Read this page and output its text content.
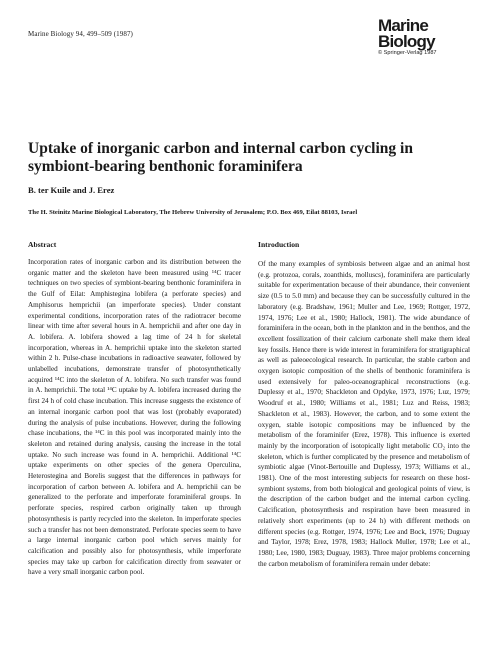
Marine Biology 94, 499–509 (1987)	Marine
Biology
© Springer-Verlag 1987
Uptake of inorganic carbon and internal carbon cycling in symbiont-bearing benthonic foraminifera
B. ter Kuile and J. Erez
The H. Steinitz Marine Biological Laboratory, The Hebrew University of Jerusalem; P.O. Box 469, Eilat 88103, Israel
Abstract
Incorporation rates of inorganic carbon and its distribution between the organic matter and the skeleton have been measured using ¹⁴C tracer techniques on two species of symbiont-bearing benthonic foraminifera in the Gulf of Eilat: Amphistegina lobifera (a perforate species) and Amphisorus hemprichii (an imperforate species). Under constant experimental conditions, incorporation rates of the radiotracer become linear with time after several hours in A. hemprichii and after one day in A. lobifera. A. lobifera showed a lag time of 24 h for skeletal incorporation, whereas in A. hemprichii uptake into the skeleton started within 2 h. Pulse-chase incubations in radioactive seawater, followed by unlabelled incubations, demonstrate transfer of photosynthetically acquired ¹⁴C into the skeleton of A. lobifera. No such transfer was found in A. hemprichii. The total ¹⁴C uptake by A. lobifera increased during the first 24 h of cold chase incubation. This increase suggests the existence of an internal inorganic carbon pool that was lost (probably evaporated) during the analysis of pulse incubations. However, during the following chase incubations, the ¹⁴C in this pool was incorporated mainly into the skeleton and retained during analysis, causing the increase in the total uptake. No such increase was found in A. hemprichii. Additional ¹⁴C uptake experiments on other species of the genera Operculina, Heterostegina and Borelis suggest that the differences in pathways for incorporation of carbon between A. lobifera and A. hemprichii can be generalized to the perforate and imperforate foraminiferal groups. In perforate species, respired carbon originally taken up through photosynthesis is partly recycled into the skeleton. In imperforate species such a transfer has not been demonstrated. Perforate species seem to have a large internal inorganic carbon pool which serves mainly for calcification and possibly also for photosynthesis, while imperforate species may take up carbon for calcification directly from seawater or have a very small inorganic carbon pool.
Introduction
Of the many examples of symbiosis between algae and an animal host (e.g. protozoa, corals, zoanthids, molluscs), foraminifera are particularly suitable for experimentation because of their abundance, their convenient size (0.5 to 5.0 mm) and because they can be successfully cultured in the laboratory (e.g. Bradshaw, 1961; Muller and Lee, 1969; Rottger, 1972, 1974, 1976; Lee et al., 1980; Hallock, 1981). The wide abundance of foraminifera in the ocean, both in the plankton and in the benthos, and the excellent fossilization of their calcium carbonate shell make them ideal key fossils. Hence there is wide interest in foraminifera for stratigraphical as well as paleoecological research. In particular, the stable carbon and oxygen isotopic composition of the shells of benthonic foraminifera is used extensively for paleo-oceanographical reconstructions (e.g. Duplessy et al., 1970; Shackleton and Opdyke, 1973, 1976; Luz, 1979; Woodruf et al., 1980; Williams et al., 1981; Luz and Reiss, 1983; Shackleton et al., 1983). However, the carbon, and to some extent the oxygen, stable isotopic compositions may be influenced by the metabolism of the foraminifer (Erez, 1978). This influence is exerted mainly by the incorporation of isotopically light metabolic CO₂ into the skeleton, which is further complicated by the presence and metabolism of symbiotic algae (Vinot-Bertouille and Duplessy, 1973; Williams et al., 1981). One of the most interesting subjects for research on these host-symbiont systems, from both biological and geological points of view, is the description of the carbon budget and the internal carbon cycling. Calcification, photosynthesis and respiration have been measured in relatively short experiments (up to 24 h) with different methods on different species (e.g. Rottger, 1974, 1976; Lee and Bock, 1976; Duguay and Taylor, 1978; Erez, 1978, 1983; Hallock Muller, 1978; Lee et al., 1980; Lee, 1980, 1983; Duguay, 1983). Three major problems concerning the carbon metabolism of foraminifera remain under debate:
